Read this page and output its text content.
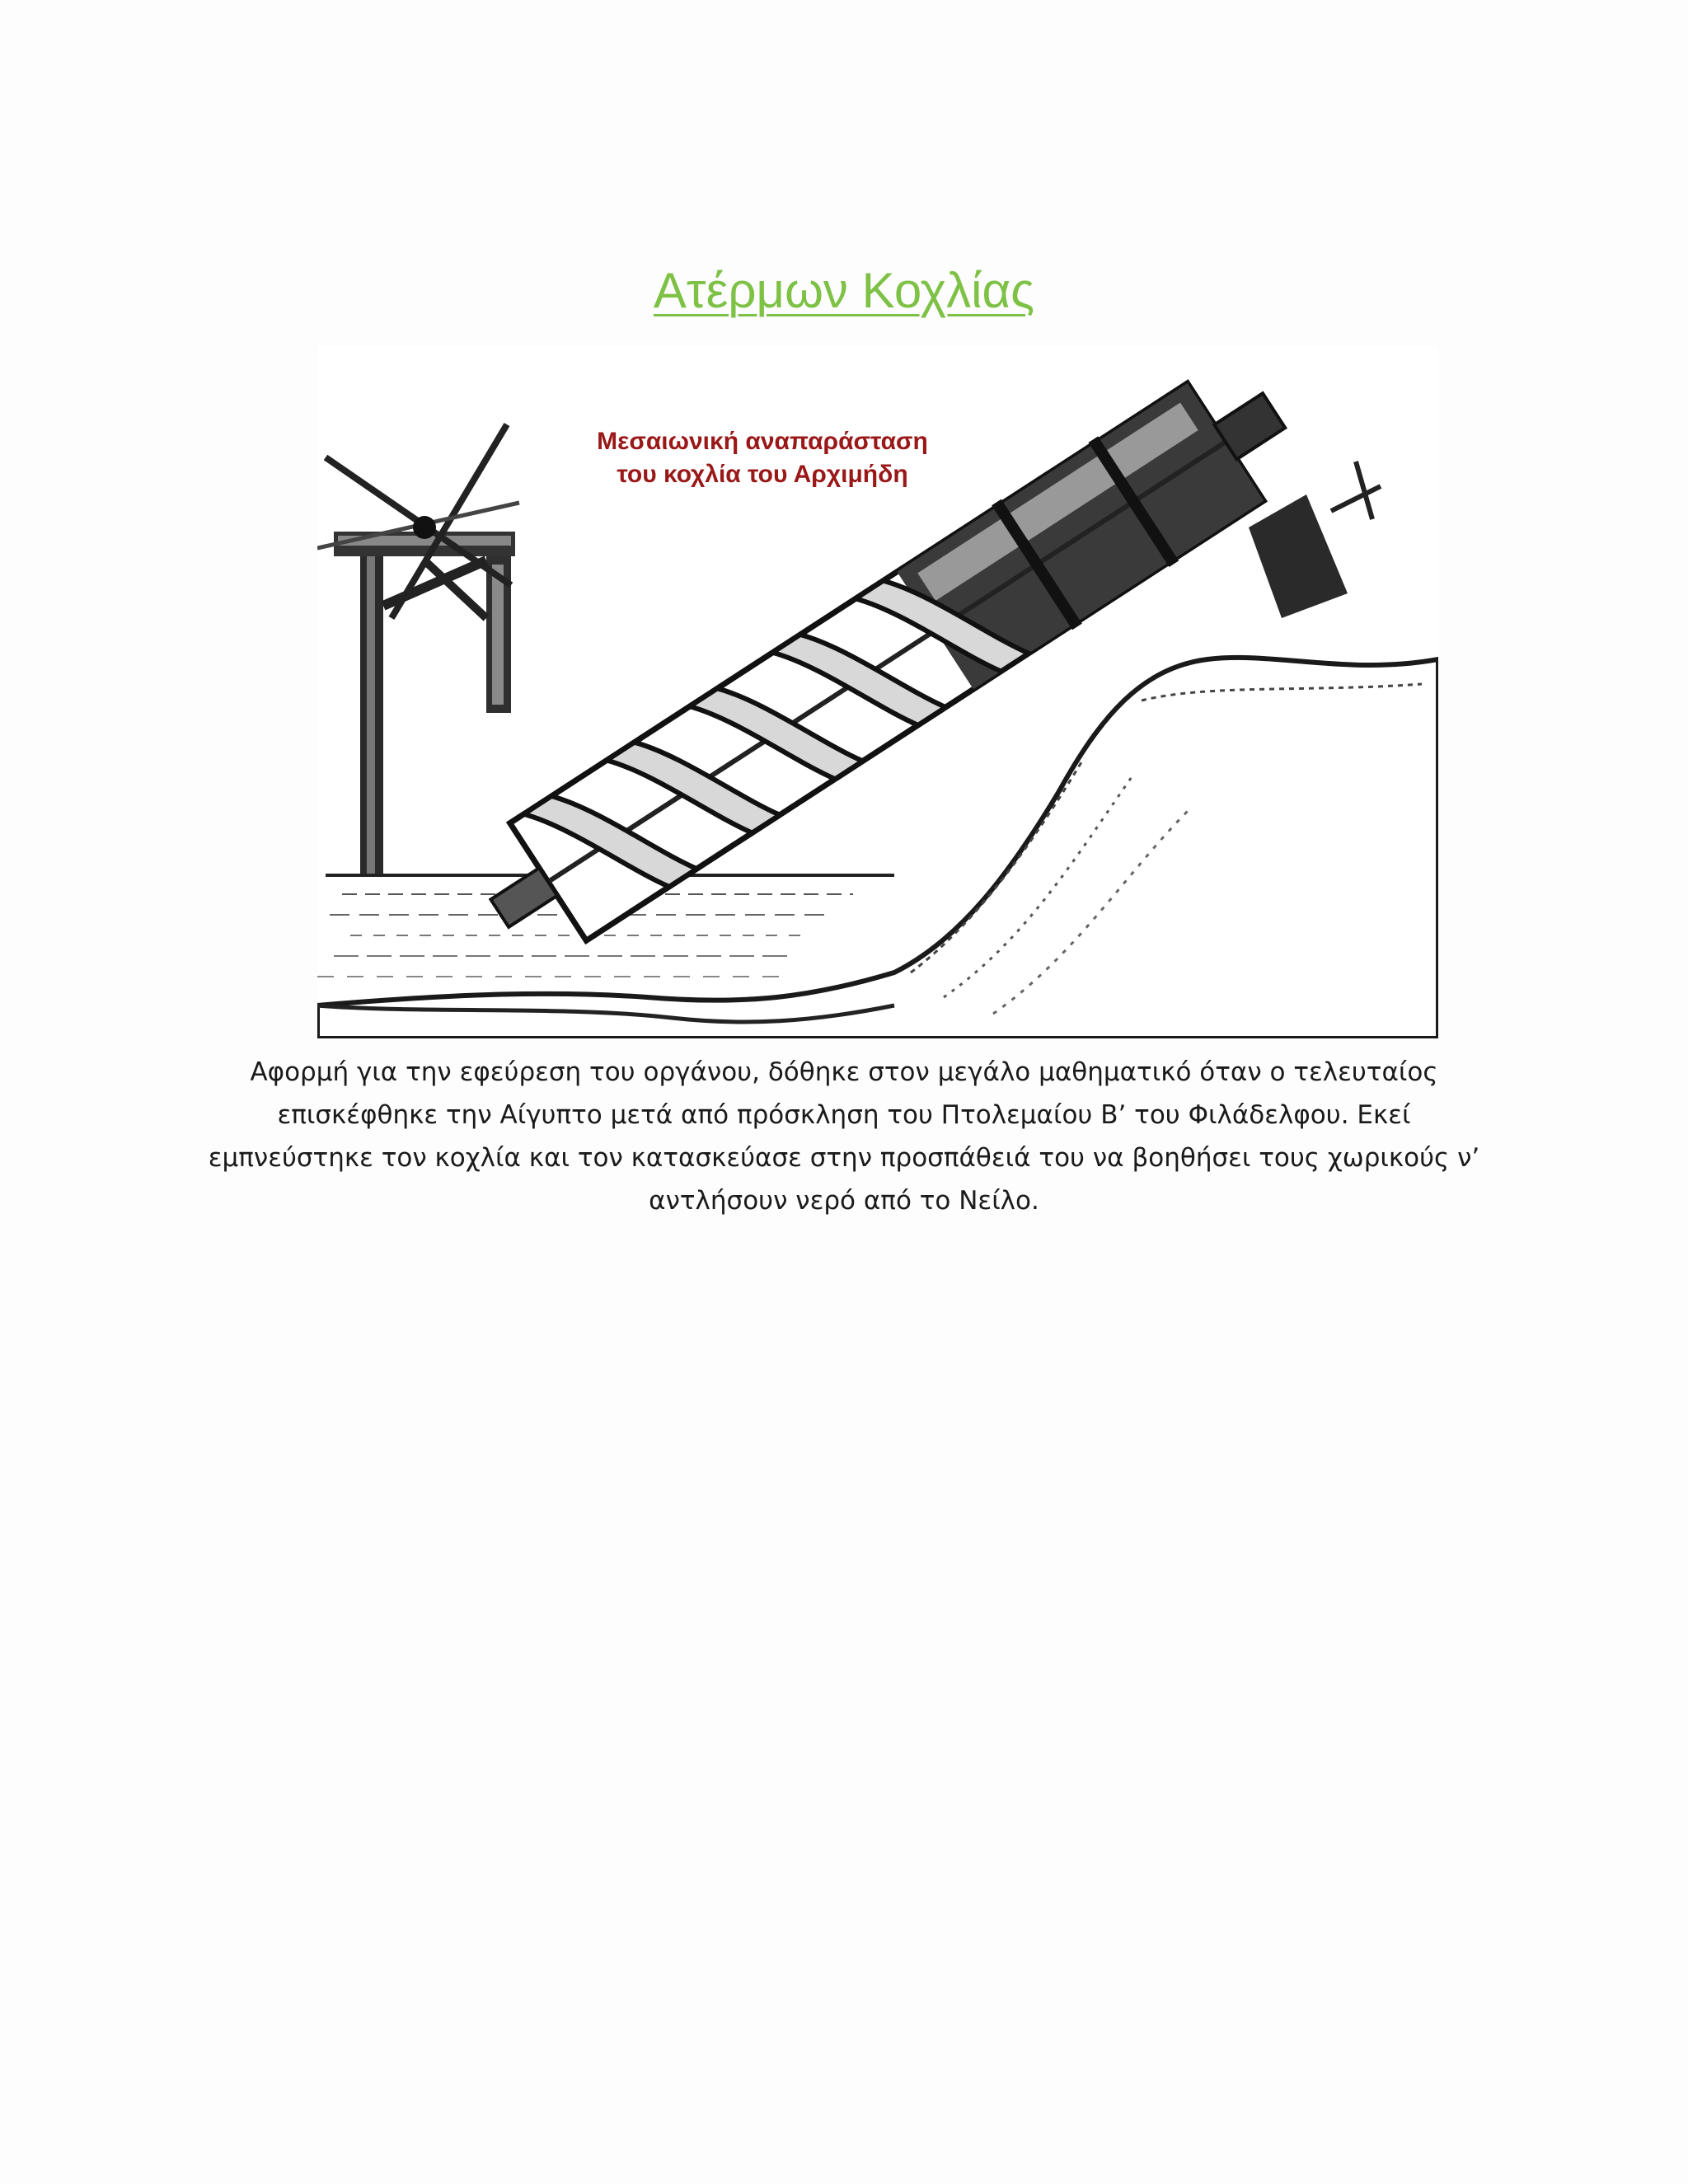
Ατέρμων Κοχλίας
Μεσαιωνική αναπαράσταση
του κοχλία του Αρχιμήδη

Αφορμή για την εφεύρεση του οργάνου, δόθηκε στον μεγάλο μαθηματικό όταν ο τελευταίος επισκέφθηκε την Αίγυπτο μετά από πρόσκληση του Πτολεμαίου Β’ του Φιλάδελφου. Εκεί εμπνεύστηκε τον κοχλία και τον κατασκεύασε στην προσπάθειά του να βοηθήσει τους χωρικούς ν’ αντλήσουν νερό από το Νείλο.
